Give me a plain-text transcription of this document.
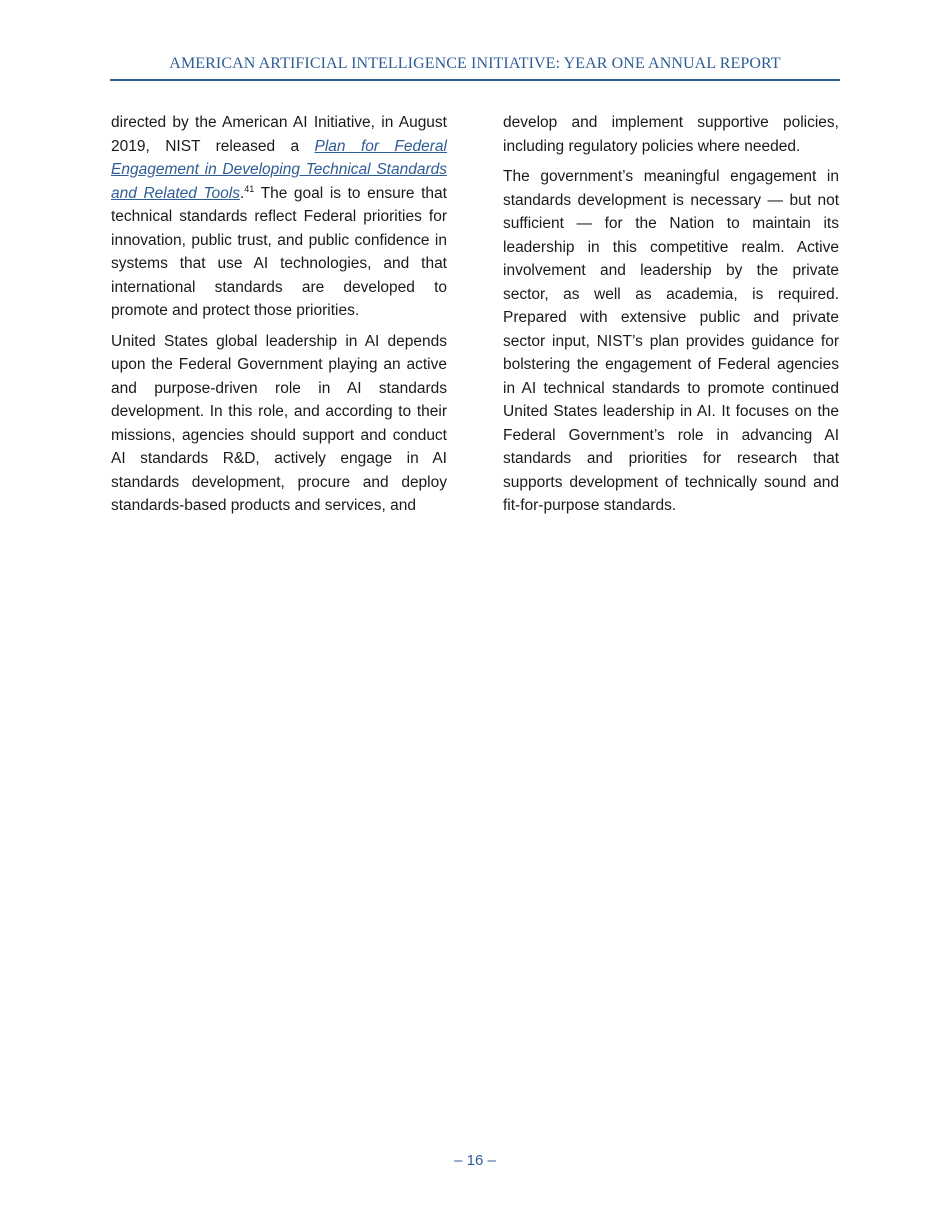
AMERICAN ARTIFICIAL INTELLIGENCE INITIATIVE: YEAR ONE ANNUAL REPORT

directed by the American AI Initiative, in August 2019, NIST released a Plan for Federal Engagement in Developing Technical Standards and Related Tools.$^{41}$ The goal is to ensure that technical standards reflect Federal priorities for innovation, public trust, and public confidence in systems that use AI technologies, and that international standards are developed to promote and protect those priorities.

United States global leadership in AI depends upon the Federal Government playing an active and purpose-driven role in AI standards development. In this role, and according to their missions, agencies should support and conduct AI standards R&D, actively engage in AI standards development, procure and deploy standards-based products and services, and

develop and implement supportive policies, including regulatory policies where needed.

The government’s meaningful engagement in standards development is necessary — but not sufficient — for the Nation to maintain its leadership in this competitive realm. Active involvement and leadership by the private sector, as well as academia, is required. Prepared with extensive public and private sector input, NIST’s plan provides guidance for bolstering the engagement of Federal agencies in AI technical standards to promote continued United States leadership in AI. It focuses on the Federal Government’s role in advancing AI standards and priorities for research that supports development of technically sound and fit-for-purpose standards.

– 16 –
